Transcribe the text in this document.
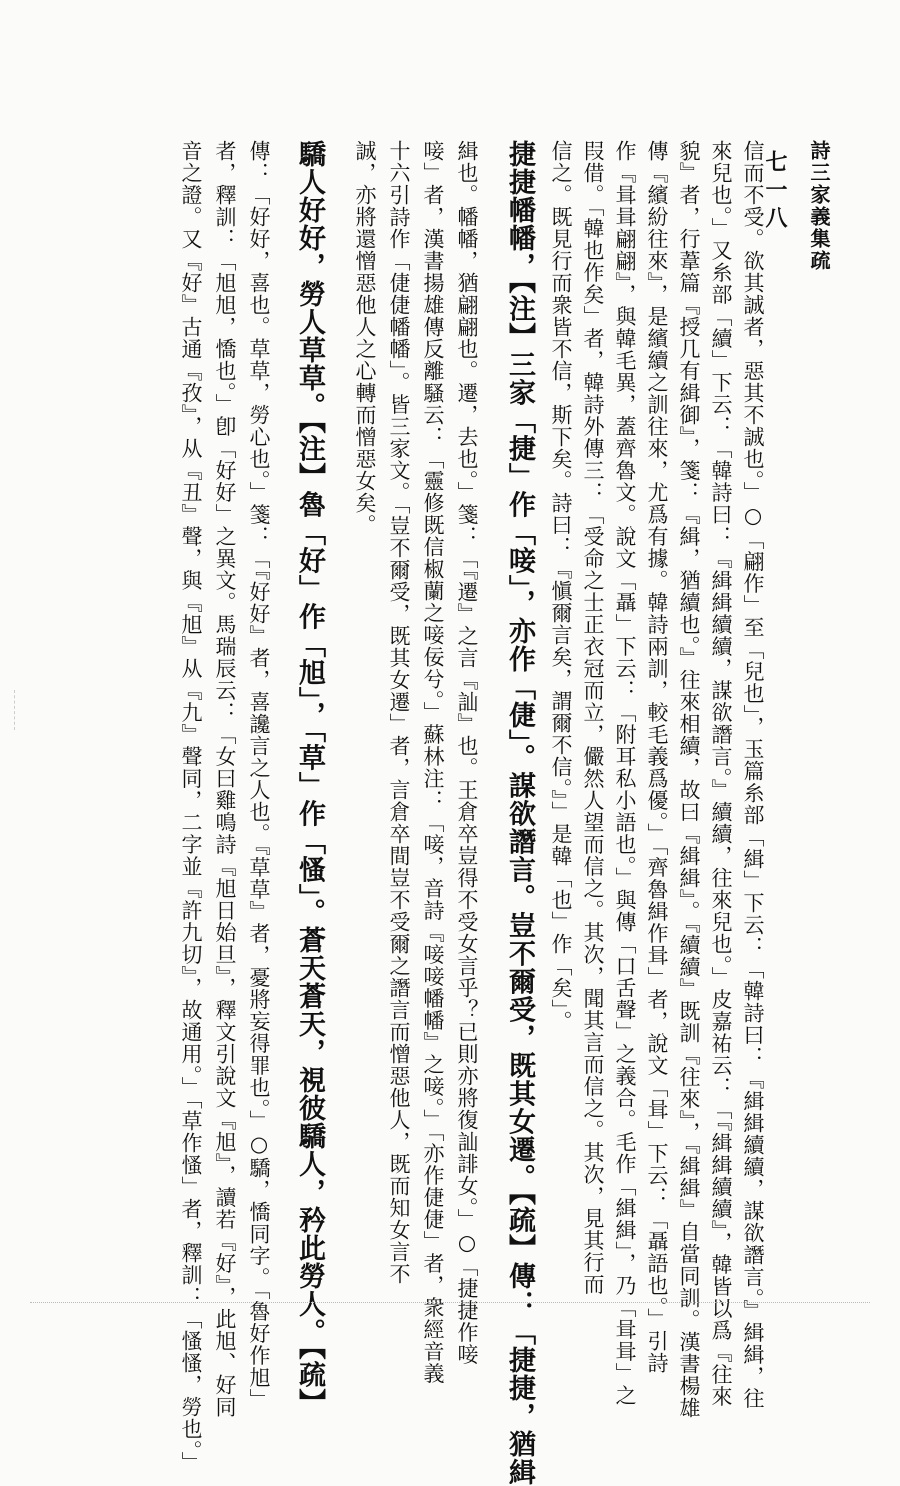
詩三家義集疏
七一八
信而不受。欲其誠者，惡其不誠也。」○「翩作」至「兒也」，玉篇糸部「緝」下云：「韓詩曰：『緝緝續續，謀欲譖言。』緝緝，往
來兒也。」又糸部「續」下云：「韓詩曰：『緝緝續續，謀欲譖言。』續續，往來兒也。」皮嘉祐云：「『緝緝續續』，韓皆以爲『往來
貌』者，行葦篇『授几有緝御』，箋：『緝，猶續也。』往來相續，故曰『緝緝』。『續續』既訓『往來』，『緝緝』自當同訓。漢書楊雄
傳『繽紛往來』，是繽續之訓往來，尤爲有據。韓詩兩訓，較毛義爲優。」「齊魯緝作咠」者，說文「咠」下云：「聶語也。」引詩
作『咠咠翩翩』，與韓毛異，蓋齊魯文。說文「聶」下云：「附耳私小語也。」與傳「口舌聲」之義合。毛作「緝緝」，乃「咠咠」之
叚借。「韓也作矣」者，韓詩外傳三：「受命之士正衣冠而立，儼然人望而信之。其次，聞其言而信之。其次，見其行而
信之。既見行而衆皆不信，斯下矣。詩曰：『愼爾言矣，謂爾不信。』」是韓「也」作「矣」。
捷捷幡幡，【注】三家「捷」作「唼」，亦作「倢」。謀欲譖言。豈不爾受，既其女遷。【疏】傳：「捷捷，猶緝
緝也。幡幡，猶翩翩也。遷，去也。」箋：「『遷』之言『訕』也。王倉卒豈得不受女言乎？已則亦將復訕誹女。」○「捷捷作唼
唼」者，漢書揚雄傳反離騷云：「靈修既信椒蘭之唼佞兮。」蘇林注：「唼，音詩『唼唼幡幡』之唼。」「亦作倢倢」者，衆經音義
十六引詩作「倢倢幡幡」。皆三家文。「豈不爾受，既其女遷」者，言倉卒間豈不受爾之譖言而憎惡他人，既而知女言不
誠，亦將還憎惡他人之心轉而憎惡女矣。
驕人好好，勞人草草。【注】魯「好」作「旭」，「草」作「慅」。蒼天蒼天，視彼驕人，矜此勞人。【疏】
傳：「好好，喜也。草草，勞心也。」箋：「『好好』者，喜讒言之人也。『草草』者，憂將妄得罪也。」○驕，憍同字。「魯好作旭」
者，釋訓：「旭旭，憍也。」卽「好好」之異文。馬瑞辰云：「女曰雞鳴詩『旭日始旦』，釋文引說文『旭』，讀若『好』，此旭、好同
音之證。又『好』古通『孜』，从『丑』聲，與『旭』从『九』聲同，二字並『許九切』，故通用。」「草作慅」者，釋訓：「慅慅，勞也。」
